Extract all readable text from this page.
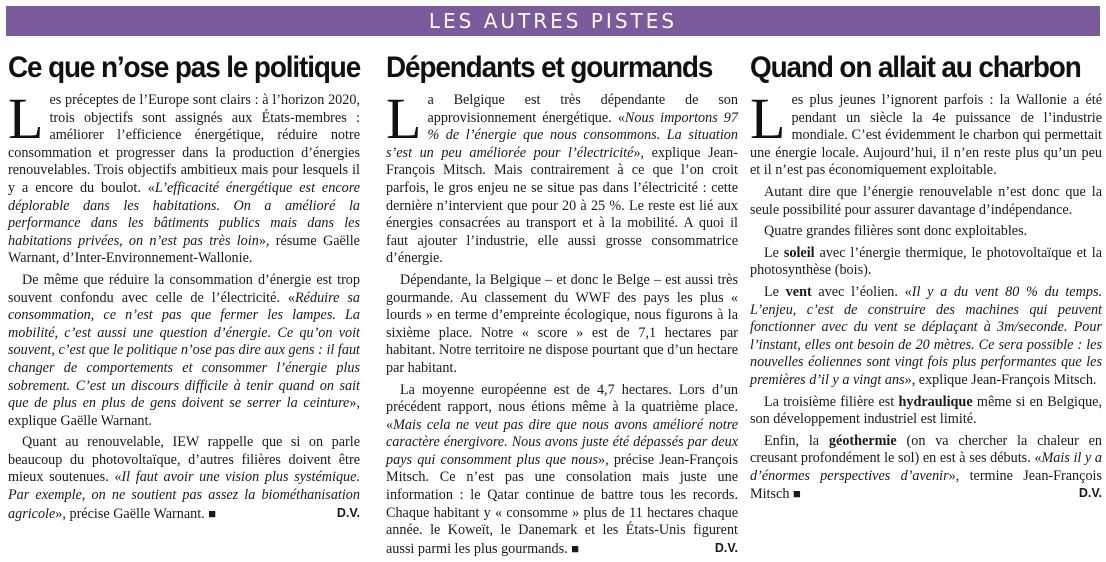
LES AUTRES PISTES
Ce que n’ose pas le politique

Les préceptes de l’Europe sont clairs : à l’horizon 2020, trois objectifs sont assignés aux États-membres : améliorer l’efficience énergétique, réduire notre consommation et progresser dans la production d’énergies renouvelables. Trois objectifs ambitieux mais pour lesquels il y a encore du boulot. «L’efficacité énergétique est encore déplorable dans les habitations. On a amélioré la performance dans les bâtiments publics mais dans les habitations privées, on n’est pas très loin», résume Gaëlle Warnant, d’Inter-Environnement-Wallonie.

De même que réduire la consommation d’énergie est trop souvent confondu avec celle de l’électricité. «Réduire sa consommation, ce n’est pas que fermer les lampes. La mobilité, c’est aussi une question d’énergie. Ce qu’on voit souvent, c’est que le politique n’ose pas dire aux gens : il faut changer de comportements et consommer l’énergie plus sobrement. C’est un discours difficile à tenir quand on sait que de plus en plus de gens doivent se serrer la ceinture», explique Gaëlle Warnant.

Quant au renouvelable, IEW rappelle que si on parle beaucoup du photovoltaïque, d’autres filières doivent être mieux soutenues. «Il faut avoir une vision plus systémique. Par exemple, on ne soutient pas assez la biométhanisation agricole», précise Gaëlle Warnant. ■	D.V.

Dépendants et gourmands

La Belgique est très dépendante de son approvisionnement énergétique. «Nous importons 97 % de l’énergie que nous consommons. La situation s’est un peu améliorée pour l’électricité», explique Jean-François Mitsch. Mais contrairement à ce que l’on croit parfois, le gros enjeu ne se situe pas dans l’électricité : cette dernière n’intervient que pour 20 à 25 %. Le reste est lié aux énergies consacrées au transport et à la mobilité. A quoi il faut ajouter l’industrie, elle aussi grosse consommatrice d’énergie.

Dépendante, la Belgique – et donc le Belge – est aussi très gourmande. Au classement du WWF des pays les plus « lourds » en terme d’empreinte écologique, nous figurons à la sixième place. Notre « score » est de 7,1 hectares par habitant. Notre territoire ne dispose pourtant que d’un hectare par habitant.

La moyenne européenne est de 4,7 hectares. Lors d’un précédent rapport, nous étions même à la quatrième place. «Mais cela ne veut pas dire que nous avons amélioré notre caractère énergivore. Nous avons juste été dépassés par deux pays qui consomment plus que nous», précise Jean-François Mitsch. Ce n’est pas une consolation mais juste une information : le Qatar continue de battre tous les records. Chaque habitant y « consomme » plus de 11 hectares chaque année. le Koweït, le Danemark et les États-Unis figurent aussi parmi les plus gourmands. ■	D.V.

Quand on allait au charbon

Les plus jeunes l’ignorent parfois : la Wallonie a été pendant un siècle la 4e puissance de l’industrie mondiale. C’est évidemment le charbon qui permettait une énergie locale. Aujourd’hui, il n’en reste plus qu’un peu et il n’est pas économiquement exploitable.

Autant dire que l’énergie renouvelable n’est donc que la seule possibilité pour assurer davantage d’indépendance.

Quatre grandes filières sont donc exploitables.

Le soleil avec l’énergie thermique, le photovoltaïque et la photosynthèse (bois).

Le vent avec l’éolien. «Il y a du vent 80 % du temps. L’enjeu, c’est de construire des machines qui peuvent fonctionner avec du vent se déplaçant à 3m/seconde. Pour l’instant, elles ont besoin de 20 mètres. Ce sera possible : les nouvelles éoliennes sont vingt fois plus performantes que les premières d’il y a vingt ans», explique Jean-François Mitsch.

La troisième filière est hydraulique même si en Belgique, son développement industriel est limité.

Enfin, la géothermie (on va chercher la chaleur en creusant profondément le sol) en est à ses débuts. «Mais il y a d’énormes perspectives d’avenir», termine Jean-François Mitsch ■	D.V.
